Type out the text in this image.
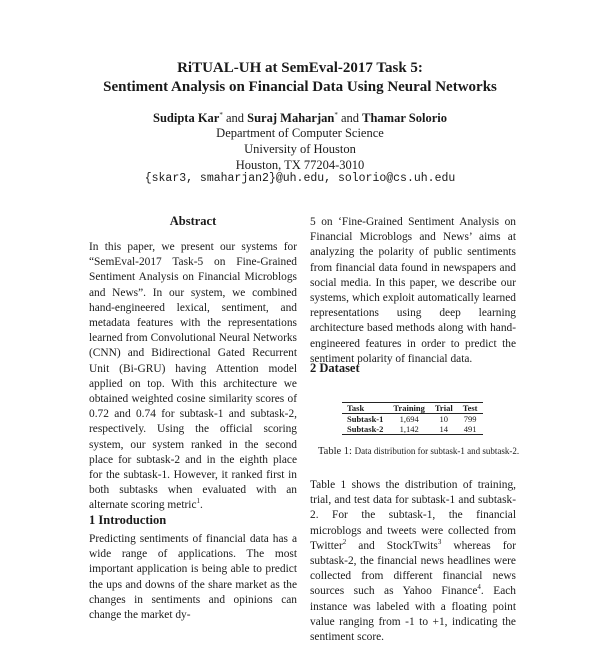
RiTUAL-UH at SemEval-2017 Task 5:
Sentiment Analysis on Financial Data Using Neural Networks
Sudipta Kar* and Suraj Maharjan* and Thamar Solorio
Department of Computer Science
University of Houston
Houston, TX 77204-3010
{skar3, smaharjan2}@uh.edu, solorio@cs.uh.edu
Abstract
In this paper, we present our systems for “SemEval-2017 Task-5 on Fine-Grained Sentiment Analysis on Financial Microblogs and News”. In our system, we combined hand-engineered lexical, sentiment, and metadata features with the representations learned from Convolutional Neural Networks (CNN) and Bidirectional Gated Recurrent Unit (Bi-GRU) having Attention model applied on top. With this architecture we obtained weighted cosine similarity scores of 0.72 and 0.74 for subtask-1 and subtask-2, respectively. Using the official scoring system, our system ranked in the second place for subtask-2 and in the eighth place for the subtask-1. However, it ranked first in both subtasks when evaluated with an alternate scoring metric$^1$.
1 Introduction
Predicting sentiments of financial data has a wide range of applications. The most important application is being able to predict the ups and downs of the share market as the changes in sentiments and opinions can change the market dy-
5 on ‘Fine-Grained Sentiment Analysis on Financial Microblogs and News’ aims at analyzing the polarity of public sentiments from financial data found in newspapers and social media. In this paper, we describe our systems, which exploit automatically learned representations using deep learning architecture based methods along with hand-engineered features in order to predict the sentiment polarity of financial data.
2 Dataset
Task	Training	Trial	Test
Subtask-1	1,694	10	799
Subtask-2	1,142	14	491
Table 1: Data distribution for subtask-1 and subtask-2.
Table 1 shows the distribution of training, trial, and test data for subtask-1 and subtask-2. For the subtask-1, the financial microblogs and tweets were collected from Twitter$^2$ and StockTwits$^3$ whereas for subtask-2, the financial news headlines were collected from different financial news sources such as Yahoo Finance$^4$. Each instance was labeled with a floating point value ranging from -1 to +1, indicating the sentiment score.
